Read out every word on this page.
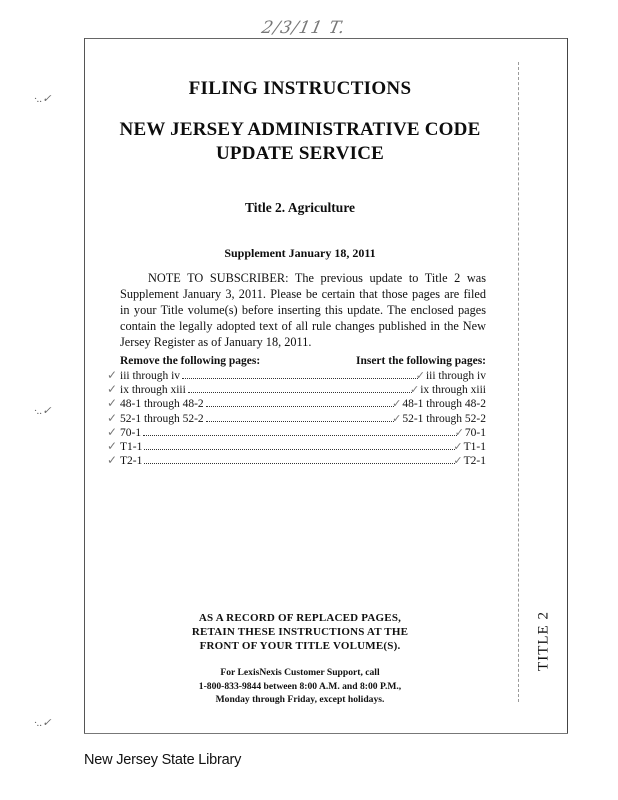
2/3/11 T.
·..✓
·..✓
·..✓
FILING INSTRUCTIONS
NEW JERSEY ADMINISTRATIVE CODE
UPDATE SERVICE
Title 2. Agriculture
Supplement January 18, 2011

NOTE TO SUBSCRIBER: The previous update to Title 2 was Supplement January 3, 2011. Please be certain that those pages are filed in your Title volume(s) before inserting this update. The enclosed pages contain the legally adopted text of all rule changes published in the New Jersey Register as of January 18, 2011.

Remove the following pages:	Insert the following pages:
✓ iii through iv	✓ iii through iv
✓ ix through xiii	✓ ix through xiii
✓ 48-1 through 48-2	✓ 48-1 through 48-2
✓ 52-1 through 52-2	✓ 52-1 through 52-2
✓ 70-1	✓ 70-1
✓ T1-1	✓ T1-1
✓ T2-1	✓ T2-1
AS A RECORD OF REPLACED PAGES,
RETAIN THESE INSTRUCTIONS AT THE
FRONT OF YOUR TITLE VOLUME(S).
For LexisNexis Customer Support, call
1-800-833-9844 between 8:00 A.M. and 8:00 P.M.,
Monday through Friday, except holidays.
TITLE 2
New Jersey State Library
